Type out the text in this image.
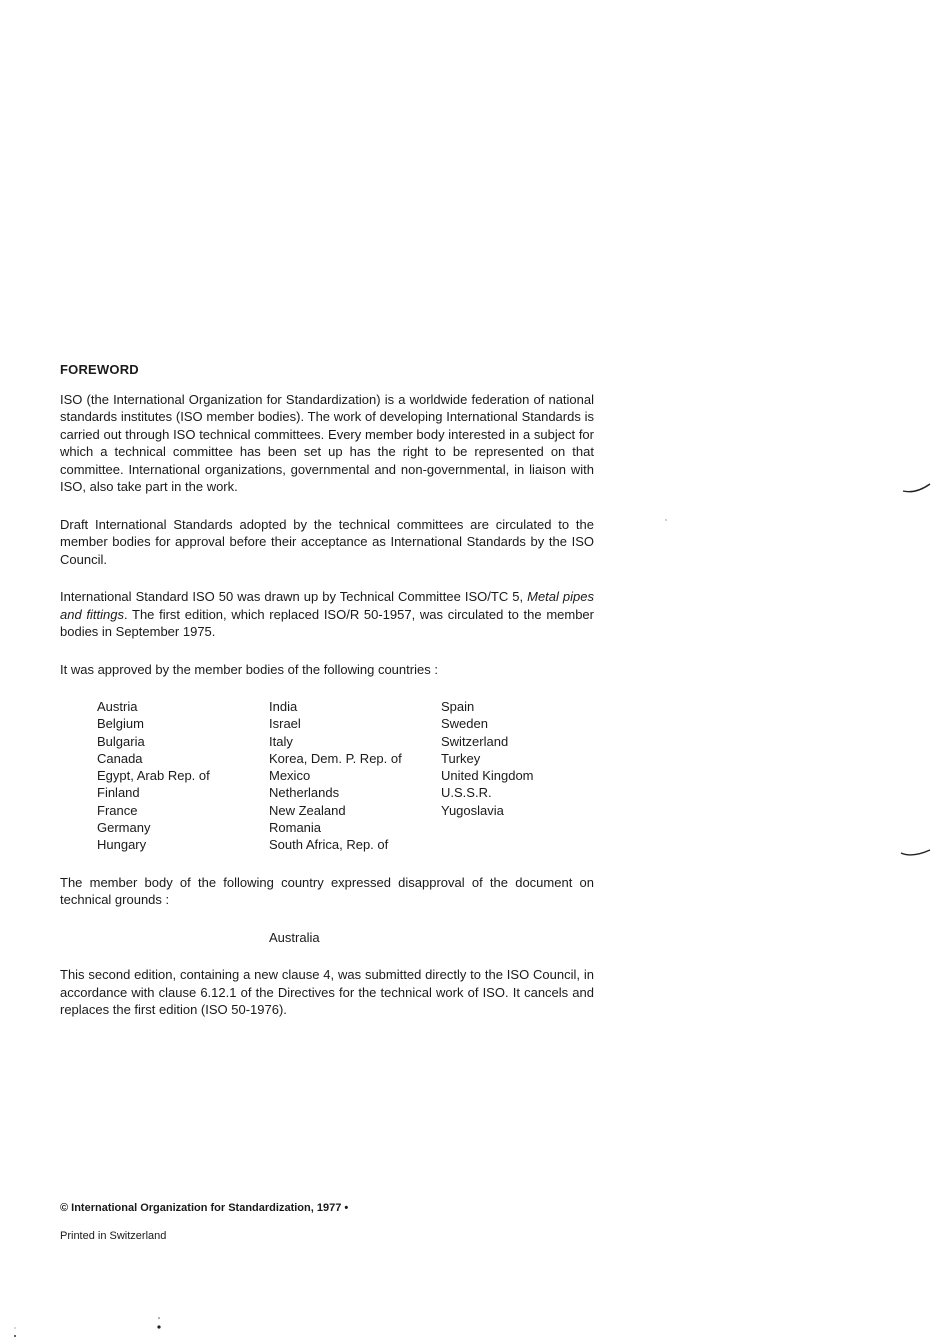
FOREWORD

ISO (the International Organization for Standardization) is a worldwide federation of national standards institutes (ISO member bodies). The work of developing International Standards is carried out through ISO technical committees. Every member body interested in a subject for which a technical committee has been set up has the right to be represented on that committee. International organizations, governmental and non-governmental, in liaison with ISO, also take part in the work.

Draft International Standards adopted by the technical committees are circulated to the member bodies for approval before their acceptance as International Standards by the ISO Council.

International Standard ISO 50 was drawn up by Technical Committee ISO/TC 5, Metal pipes and fittings. The first edition, which replaced ISO/R 50-1957, was circulated to the member bodies in September 1975.

It was approved by the member bodies of the following countries :

Austria
Belgium
Bulgaria
Canada
Egypt, Arab Rep. of
Finland
France
Germany
Hungary
India
Israel
Italy
Korea, Dem. P. Rep. of
Mexico
Netherlands
New Zealand
Romania
South Africa, Rep. of
Spain
Sweden
Switzerland
Turkey
United Kingdom
U.S.S.R.
Yugoslavia

The member body of the following country expressed disapproval of the document on technical grounds :

Australia

This second edition, containing a new clause 4, was submitted directly to the ISO Council, in accordance with clause 6.12.1 of the Directives for the technical work of ISO. It cancels and replaces the first edition (ISO 50-1976).

© International Organization for Standardization, 1977 •
Printed in Switzerland
